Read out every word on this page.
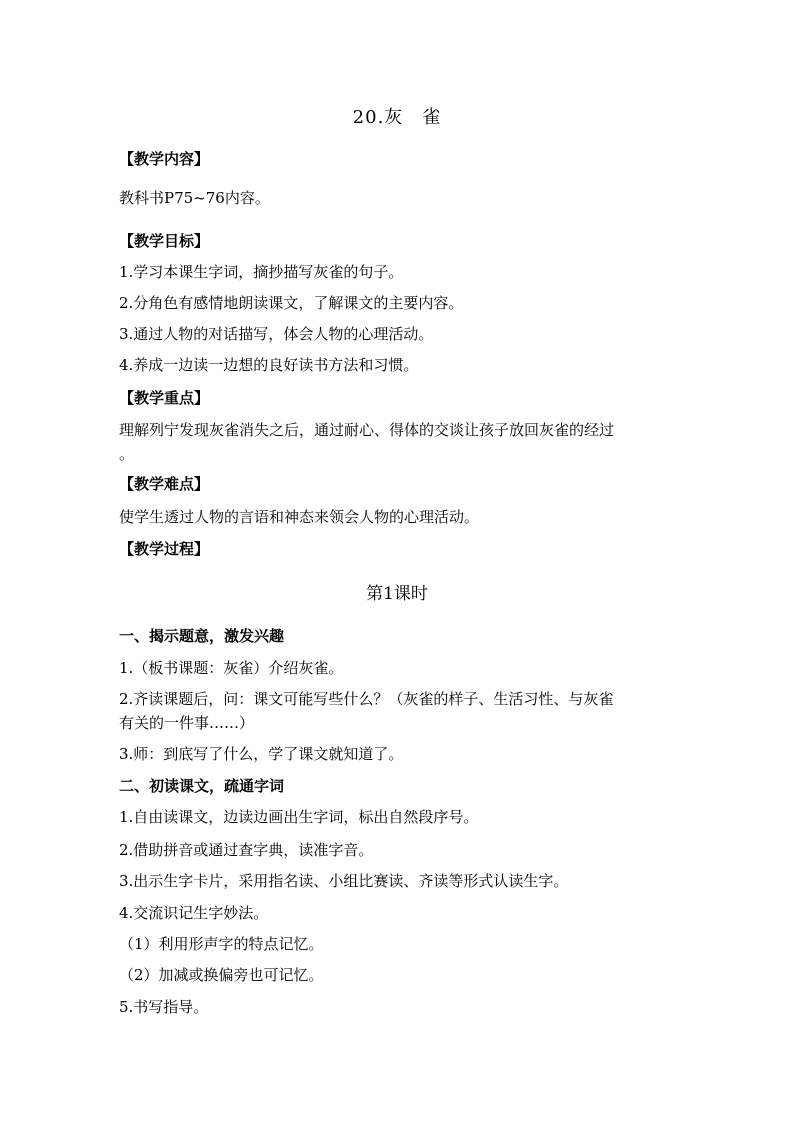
20.灰　雀
【教学内容】
教科书P75~76内容。
【教学目标】
1.学习本课生字词，摘抄描写灰雀的句子。
2.分角色有感情地朗读课文，了解课文的主要内容。
3.通过人物的对话描写，体会人物的心理活动。
4.养成一边读一边想的良好读书方法和习惯。
【教学重点】
理解列宁发现灰雀消失之后，通过耐心、得体的交谈让孩子放回灰雀的经过
。
【教学难点】
使学生透过人物的言语和神态来领会人物的心理活动。
【教学过程】
第1课时
一、揭示题意，激发兴趣
1.（板书课题：灰雀）介绍灰雀。
2.齐读课题后，问：课文可能写些什么？（灰雀的样子、生活习性、与灰雀
有关的一件事……）
3.师：到底写了什么，学了课文就知道了。
二、初读课文，疏通字词
1.自由读课文，边读边画出生字词，标出自然段序号。
2.借助拼音或通过查字典，读准字音。
3.出示生字卡片，采用指名读、小组比赛读、齐读等形式认读生字。
4.交流识记生字妙法。
（1）利用形声字的特点记忆。
（2）加减或换偏旁也可记忆。
5.书写指导。
